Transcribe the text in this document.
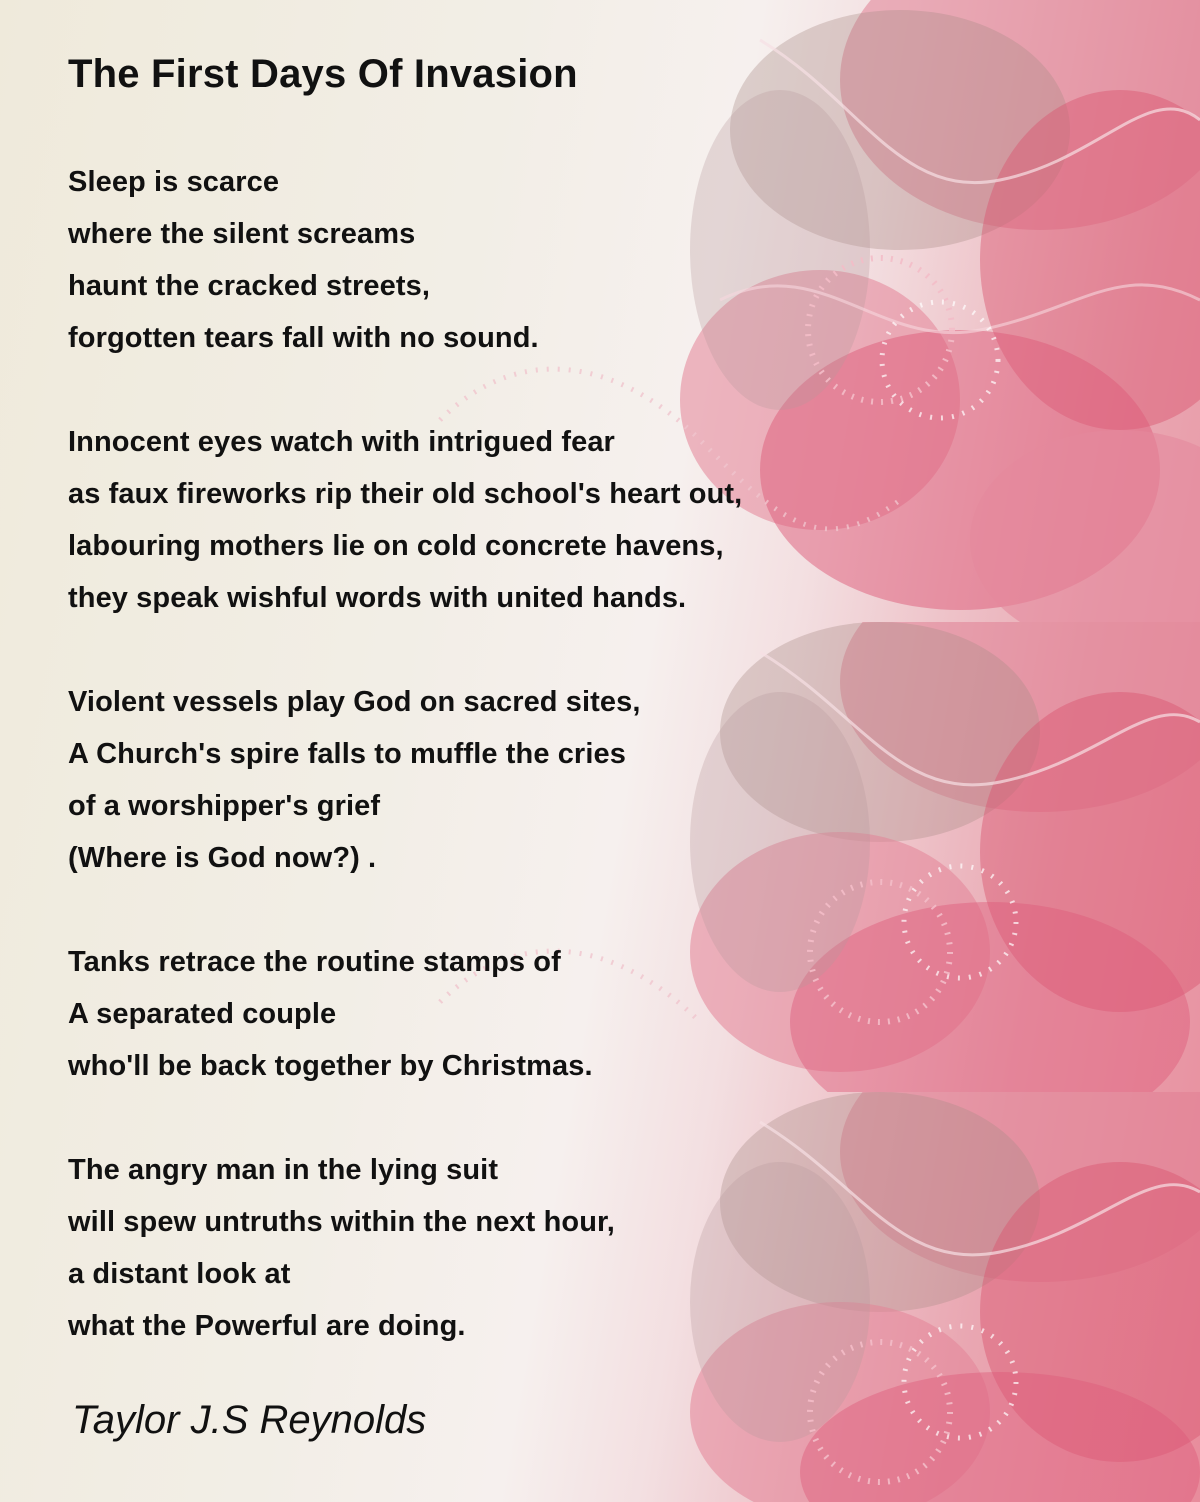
The First Days Of Invasion
Sleep is scarce
where the silent screams
haunt the cracked streets,
forgotten tears fall with no sound.
Innocent eyes watch with intrigued fear
as faux fireworks rip their old school's heart out,
labouring mothers lie on cold concrete havens,
they speak wishful words with united hands.
Violent vessels play God on sacred sites,
A Church's spire falls to muffle the cries
of a worshipper's grief
(Where is God now?) .
Tanks retrace the routine stamps of
A separated couple
who'll be back together by Christmas.
The angry man in the lying suit
will spew untruths within the next hour,
a distant look at
what the Powerful are doing.
Taylor J.S Reynolds
